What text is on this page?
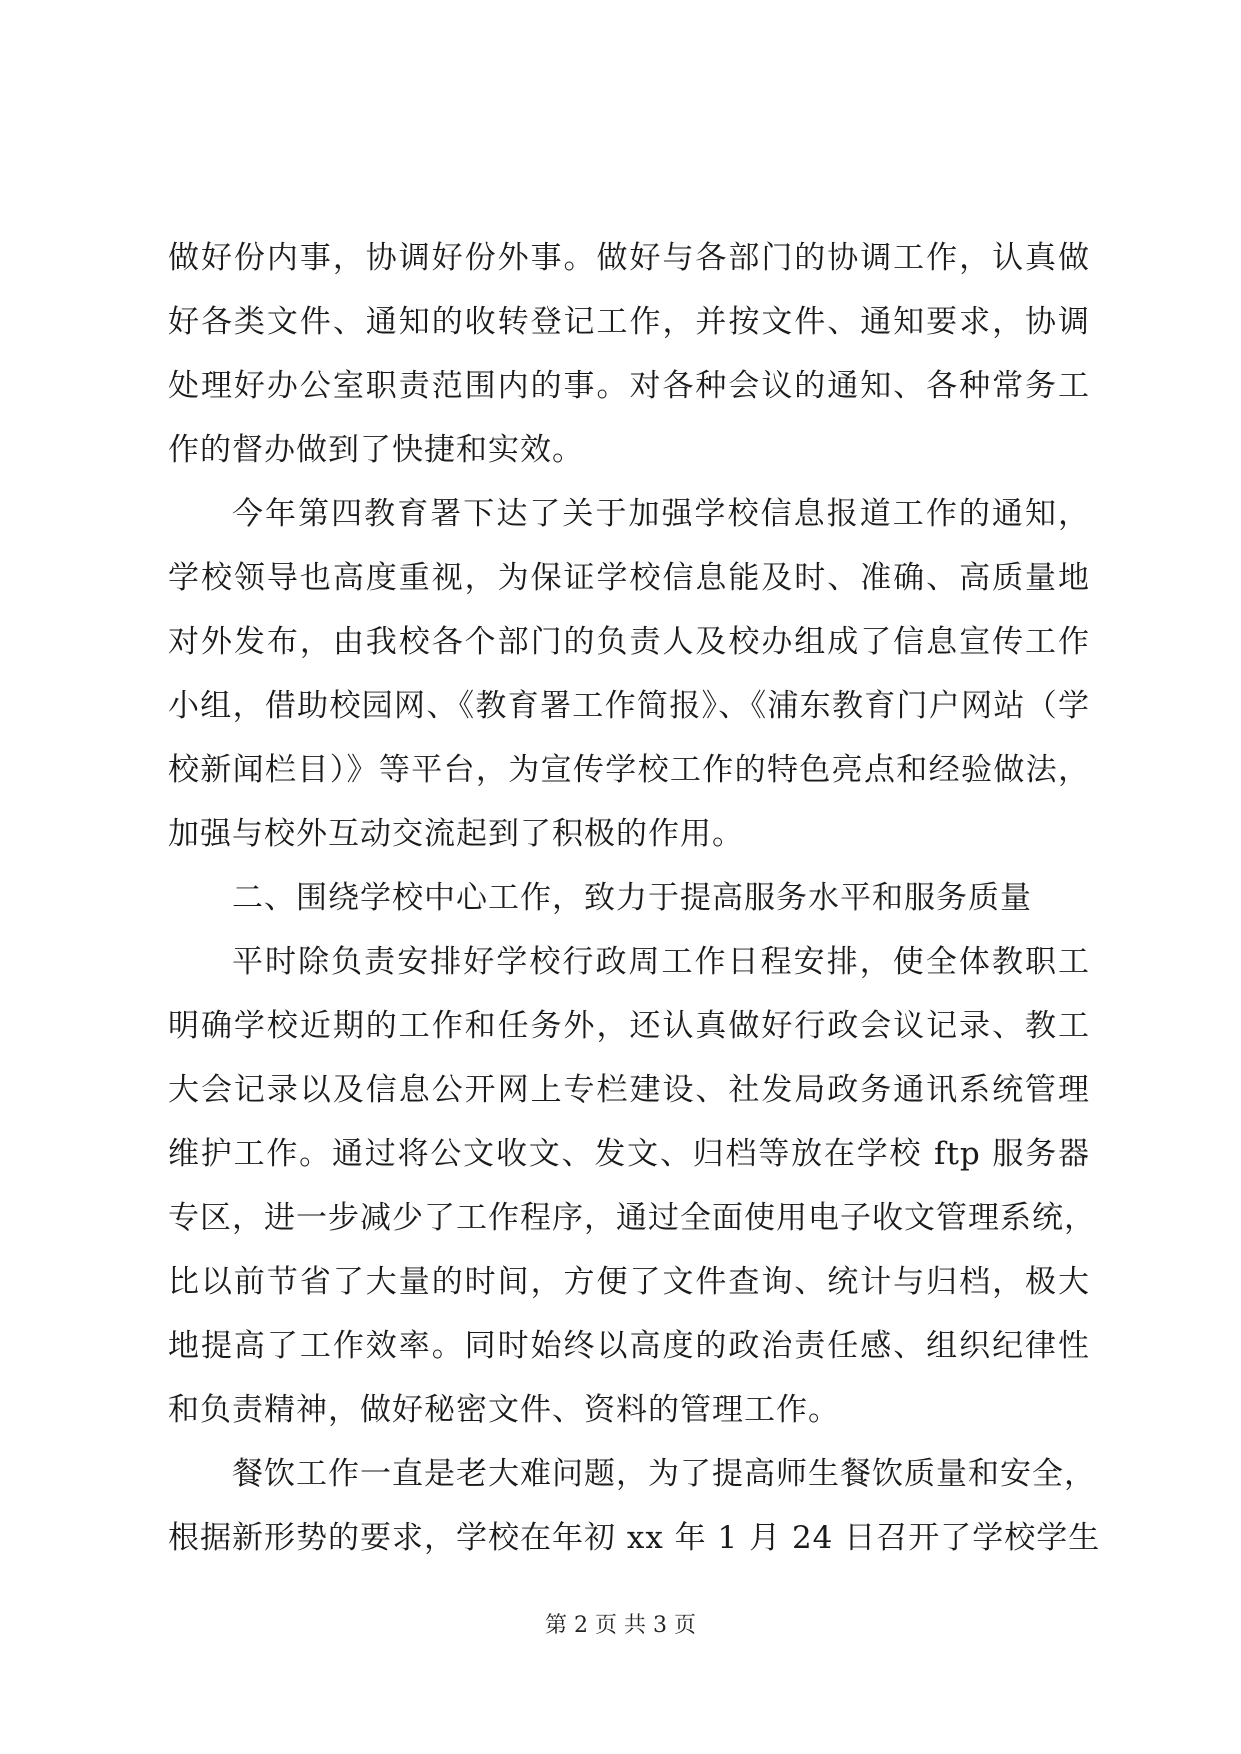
做好份内事，协调好份外事。做好与各部门的协调工作，认真做
好各类文件、通知的收转登记工作，并按文件、通知要求，协调
处理好办公室职责范围内的事。对各种会议的通知、各种常务工
作的督办做到了快捷和实效。

今年第四教育署下达了关于加强学校信息报道工作的通知，
学校领导也高度重视，为保证学校信息能及时、准确、高质量地
对外发布，由我校各个部门的负责人及校办组成了信息宣传工作
小组，借助校园网、《教育署工作简报》、《浦东教育门户网站（学
校新闻栏目）》等平台，为宣传学校工作的特色亮点和经验做法，
加强与校外互动交流起到了积极的作用。

二、围绕学校中心工作，致力于提高服务水平和服务质量

平时除负责安排好学校行政周工作日程安排，使全体教职工
明确学校近期的工作和任务外，还认真做好行政会议记录、教工
大会记录以及信息公开网上专栏建设、社发局政务通讯系统管理
维护工作。通过将公文收文、发文、归档等放在学校 ftp 服务器
专区，进一步减少了工作程序，通过全面使用电子收文管理系统，
比以前节省了大量的时间，方便了文件查询、统计与归档，极大
地提高了工作效率。同时始终以高度的政治责任感、组织纪律性
和负责精神，做好秘密文件、资料的管理工作。

餐饮工作一直是老大难问题，为了提高师生餐饮质量和安全，
根据新形势的要求，学校在年初 xx 年 1 月 24 日召开了学校学生

第 2 页 共 3 页
